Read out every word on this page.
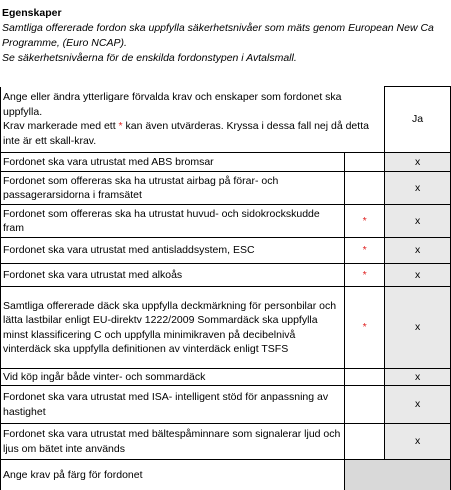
Egenskaper
Samtliga offererade fordon ska uppfylla säkerhetsnivåer som mäts genom European New Ca
Programme, (Euro NCAP).
Se säkerhetsnivåerna för de enskilda fordonstypen i Avtalsmall.
Ange eller ändra ytterligare förvalda krav och enskaper som fordonet ska uppfylla.
Krav markerade med ett * kan även utvärderas. Kryssa i dessa fall nej då detta inte är ett skall-krav.		Ja
Fordonet ska vara utrustat med ABS bromsar		x
Fordonet som offereras ska ha utrustat airbag på förar- och passagerarsidorna i framsätet		x
Fordonet som offereras ska ha utrustat huvud- och sidokrockskudde fram	*	x
Fordonet ska vara utrustat med antisladdsystem, ESC	*	x
Fordonet ska vara utrustat med alkoås	*	x
Samtliga offererade däck ska uppfylla deckmärkning för personbilar och lätta lastbilar enligt EU-direktv 1222/2009 Sommardäck ska uppfylla minst klassificering C och uppfylla minimikraven på decibelnivå vinterdäck ska uppfylla definitionen av vinterdäck enligt TSFS	*	x
Vid köp ingår både vinter- och sommardäck		x
Fordonet ska vara utrustat med ISA- intelligent stöd för anpassning av hastighet		x
Fordonet ska vara utrustat med bältespåminnare som signalerar ljud och ljus om bätet inte används		x
Ange krav på färg för fordonet		
